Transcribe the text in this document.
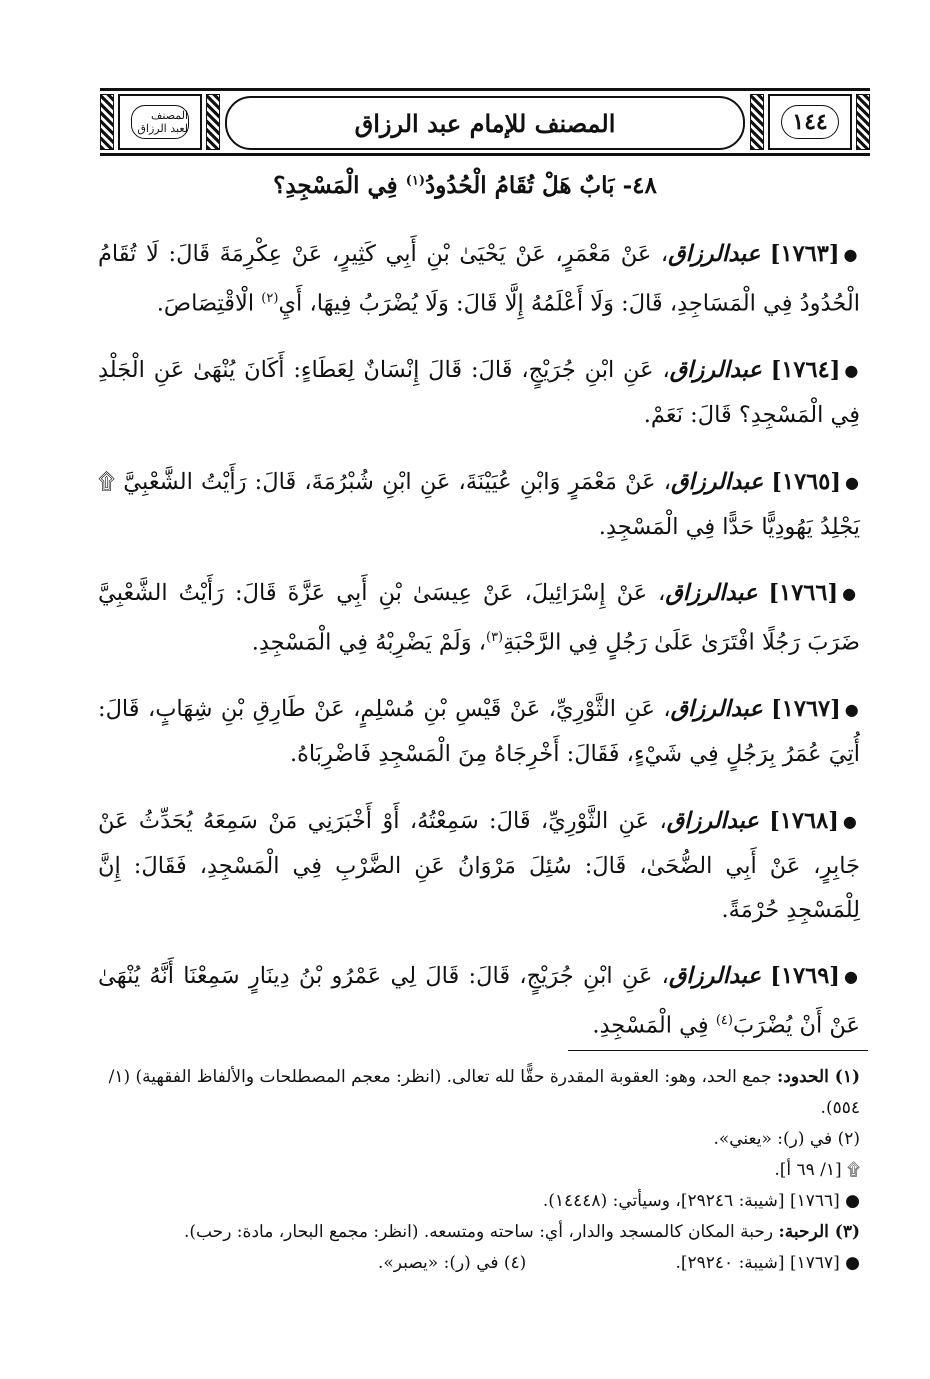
المصنف لعبد الرزاق	المصنف للإمام عبد الرزاق	١٤٤
٤٨- بَابٌ هَلْ تُقَامُ الْحُدُودُ$^{(١)}$ فِي الْمَسْجِدِ؟

●[١٧٦٣] عبدالرزاق، عَنْ مَعْمَرٍ، عَنْ يَحْيَىٰ بْنِ أَبِي كَثِيرٍ، عَنْ عِكْرِمَةَ قَالَ: لَا تُقَامُ الْحُدُودُ فِي الْمَسَاجِدِ، قَالَ: وَلَا أَعْلَمُهُ إِلَّا قَالَ: وَلَا يُضْرَبُ فِيهَا، أَيِ$^{(٢)}$ الْاقْتِصَاصَ.

●[١٧٦٤] عبدالرزاق، عَنِ ابْنِ جُرَيْجٍ، قَالَ: قَالَ إِنْسَانٌ لِعَطَاءٍ: أَكَانَ يُنْهَىٰ عَنِ الْجَلْدِ فِي الْمَسْجِدِ؟ قَالَ: نَعَمْ.

●[١٧٦٥] عبدالرزاق، عَنْ مَعْمَرٍ وَابْنِ عُيَيْنَةَ، عَنِ ابْنِ شُبْرُمَةَ، قَالَ: رَأَيْتُ الشَّعْبِيَّ ۩ يَجْلِدُ يَهُودِيًّا حَدًّا فِي الْمَسْجِدِ.

●[١٧٦٦] عبدالرزاق، عَنْ إِسْرَائِيلَ، عَنْ عِيسَىٰ بْنِ أَبِي عَزَّةَ قَالَ: رَأَيْتُ الشَّعْبِيَّ ضَرَبَ رَجُلًا افْتَرَىٰ عَلَىٰ رَجُلٍ فِي الرَّحْبَةِ$^{(٣)}$، وَلَمْ يَضْرِبْهُ فِي الْمَسْجِدِ.

●[١٧٦٧] عبدالرزاق، عَنِ الثَّوْرِيِّ، عَنْ قَيْسِ بْنِ مُسْلِمٍ، عَنْ طَارِقِ بْنِ شِهَابٍ، قَالَ: أُتِيَ عُمَرُ بِرَجُلٍ فِي شَيْءٍ، فَقَالَ: أَخْرِجَاهُ مِنَ الْمَسْجِدِ فَاضْرِبَاهُ.

●[١٧٦٨] عبدالرزاق، عَنِ الثَّوْرِيِّ، قَالَ: سَمِعْتُهُ، أَوْ أَخْبَرَنِي مَنْ سَمِعَهُ يُحَدِّثُ عَنْ جَابِرٍ، عَنْ أَبِي الضُّحَىٰ، قَالَ: سُئِلَ مَرْوَانُ عَنِ الضَّرْبِ فِي الْمَسْجِدِ، فَقَالَ: إِنَّ لِلْمَسْجِدِ حُرْمَةً.

●[١٧٦٩] عبدالرزاق، عَنِ ابْنِ جُرَيْجٍ، قَالَ: قَالَ لِي عَمْرُو بْنُ دِينَارٍ سَمِعْنَا أَنَّهُ يُنْهَىٰ عَنْ أَنْ يُضْرَبَ$^{(٤)}$ فِي الْمَسْجِدِ.

(١) الحدود: جمع الحد، وهو: العقوبة المقدرة حقًّا لله تعالى. (انظر: معجم المصطلحات والألفاظ الفقهية) (١/ ٥٥٤).
(٢) في (ر): «يعني».
۩ [١/ ٦٩ أ].
● [١٧٦٦] [شيبة: ٢٩٢٤٦]، وسيأتي: (١٤٤٤٨).
(٣) الرحبة: رحبة المكان كالمسجد والدار، أي: ساحته ومتسعه. (انظر: مجمع البحار، مادة: رحب).
● [١٧٦٧] [شيبة: ٢٩٢٤٠].
(٤) في (ر): «يصبر».
